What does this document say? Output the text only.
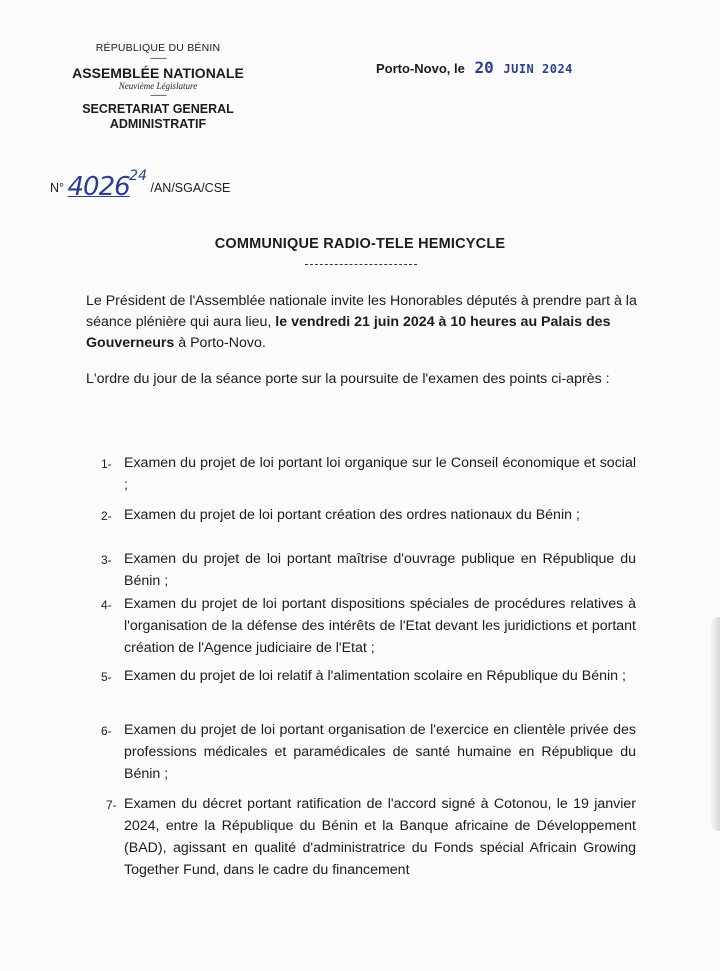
RÉPUBLIQUE DU BÉNIN
--------
ASSEMBLÉE NATIONALE
Neuvième Législature
--------
SECRETARIAT GENERAL
ADMINISTRATIF
N° 4026 24 /AN/SGA/CSE
Porto-Novo, le 20 JUIN 2024
COMMUNIQUE RADIO-TELE HEMICYCLE
Le Président de l'Assemblée nationale invite les Honorables députés à prendre part à la séance plénière qui aura lieu, le vendredi 21 juin 2024 à 10 heures au Palais des Gouverneurs à Porto-Novo.
L'ordre du jour de la séance porte sur la poursuite de l'examen des points ci-après :
1- Examen du projet de loi portant loi organique sur le Conseil économique et social ;
2- Examen du projet de loi portant création des ordres nationaux du Bénin ;
3- Examen du projet de loi portant maîtrise d'ouvrage publique en République du Bénin ;
4- Examen du projet de loi portant dispositions spéciales de procédures relatives à l'organisation de la défense des intérêts de l'Etat devant les juridictions et portant création de l'Agence judiciaire de l'Etat ;
5- Examen du projet de loi relatif à l'alimentation scolaire en République du Bénin ;
6- Examen du projet de loi portant organisation de l'exercice en clientèle privée des professions médicales et paramédicales de santé humaine en République du Bénin ;
7- Examen du décret portant ratification de l'accord signé à Cotonou, le 19 janvier 2024, entre la République du Bénin et la Banque africaine de Développement (BAD), agissant en qualité d'administratrice du Fonds spécial Africain Growing Together Fund, dans le cadre du financement
